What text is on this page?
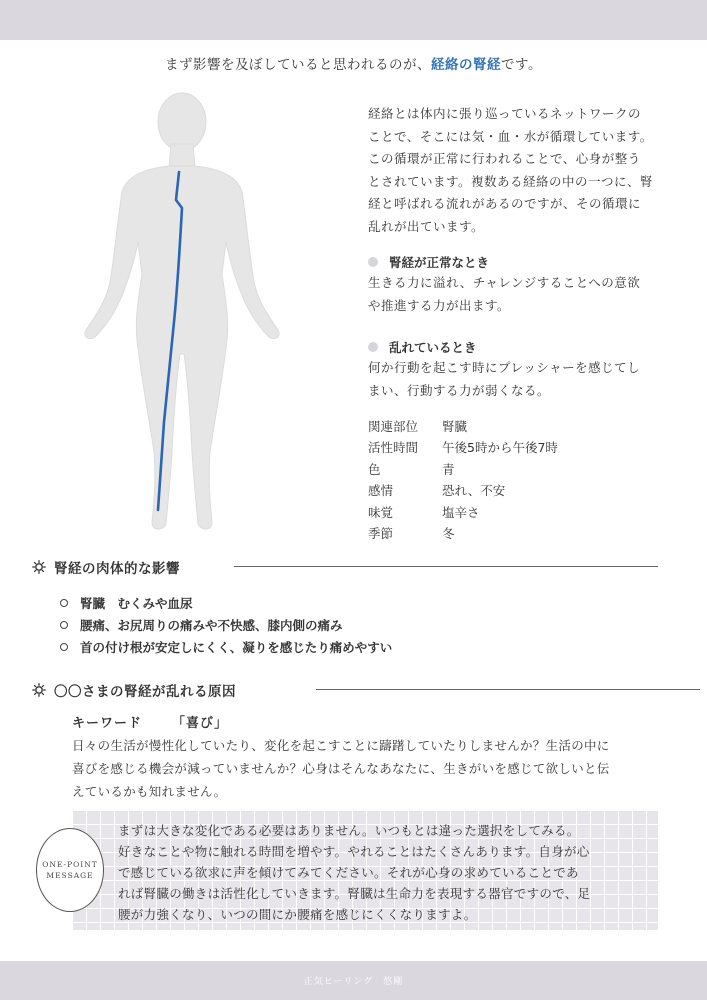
まず影響を及ぼしていると思われるのが、経絡の腎経です。
経絡とは体内に張り巡っているネットワークの
ことで、そこには気・血・水が循環しています。
この循環が正常に行われることで、心身が整う
とされています。複数ある経絡の中の一つに、腎
経と呼ばれる流れがあるのですが、その循環に
乱れが出ています。
腎経が正常なとき
生きる力に溢れ、チャレンジすることへの意欲
や推進する力が出ます。
乱れているとき
何か行動を起こす時にプレッシャーを感じてし
まい、行動する力が弱くなる。
関連部位	腎臓
活性時間	午後5時から午後7時
色	青
感情	恐れ、不安
味覚	塩辛さ
季節	冬
腎経の肉体的な影響
腎臓　むくみや血尿
腰痛、お尻周りの痛みや不快感、膝内側の痛み
首の付け根が安定しにくく、凝りを感じたり痛めやすい
〇〇さまの腎経が乱れる原因
キーワード 「喜び」
日々の生活が慢性化していたり、変化を起こすことに躊躇していたりしませんか？生活の中に
喜びを感じる機会が減っていませんか？心身はそんなあなたに、生きがいを感じて欲しいと伝
えているかも知れません。
まずは大きな変化である必要はありません。いつもとは違った選択をしてみる。
好きなことや物に触れる時間を増やす。やれることはたくさんあります。自身が心
で感じている欲求に声を傾けてみてください。それが心身の求めていることであ
れば腎臓の働きは活性化していきます。腎臓は生命力を表現する器官ですので、足
腰が力強くなり、いつの間にか腰痛を感じにくくなりますよ。
ONE-POINT
MESSAGE
正気ヒーリング　悠剛
